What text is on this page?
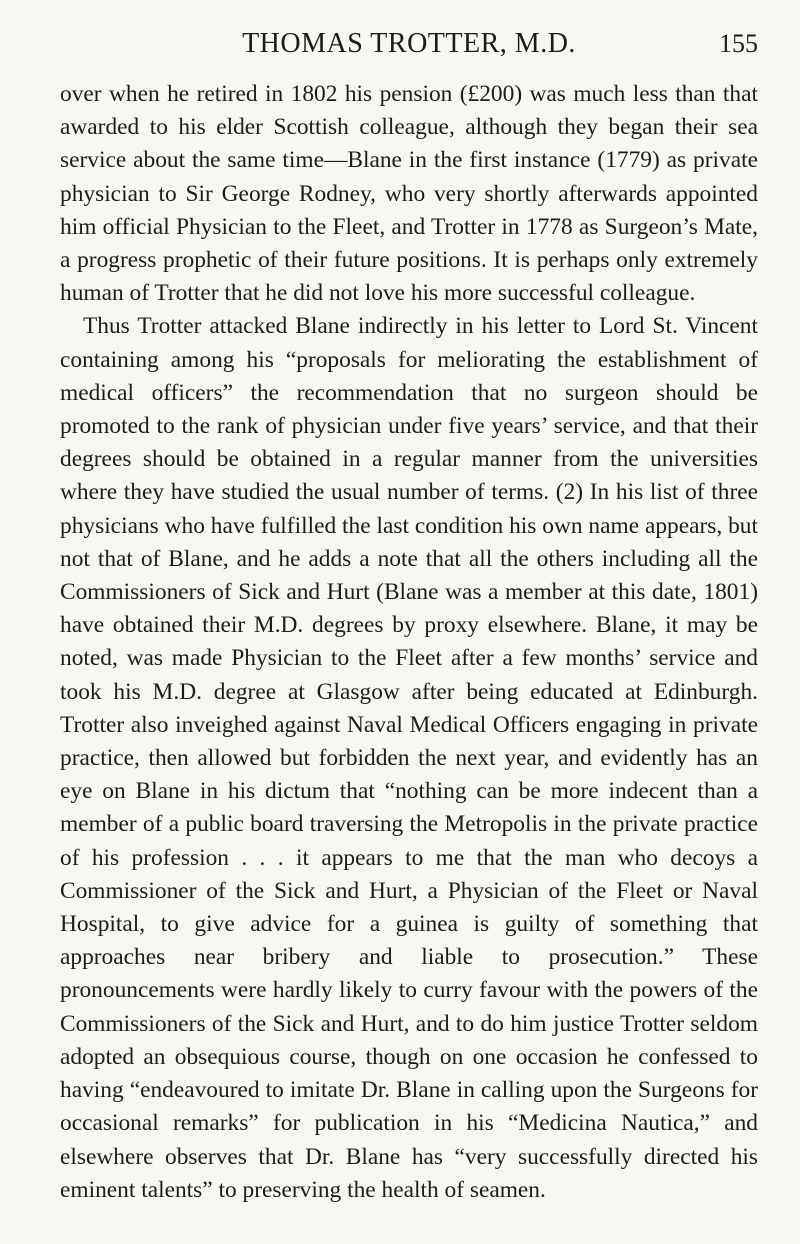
THOMAS TROTTER, M.D.	155

over when he retired in 1802 his pension (£200) was much less than that awarded to his elder Scottish colleague, although they began their sea service about the same time—Blane in the first instance (1779) as private physician to Sir George Rodney, who very shortly afterwards appointed him official Physician to the Fleet, and Trotter in 1778 as Surgeon’s Mate, a progress prophetic of their future positions. It is perhaps only extremely human of Trotter that he did not love his more successful colleague.

Thus Trotter attacked Blane indirectly in his letter to Lord St. Vincent containing among his “proposals for meliorating the establishment of medical officers” the recommendation that no surgeon should be promoted to the rank of physician under five years’ service, and that their degrees should be obtained in a regular manner from the universities where they have studied the usual number of terms. (2) In his list of three physicians who have fulfilled the last condition his own name appears, but not that of Blane, and he adds a note that all the others including all the Commissioners of Sick and Hurt (Blane was a member at this date, 1801) have obtained their M.D. degrees by proxy elsewhere. Blane, it may be noted, was made Physician to the Fleet after a few months’ service and took his M.D. degree at Glasgow after being educated at Edinburgh. Trotter also inveighed against Naval Medical Officers engaging in private practice, then allowed but forbidden the next year, and evidently has an eye on Blane in his dictum that “nothing can be more indecent than a member of a public board traversing the Metropolis in the private practice of his profession . . . it appears to me that the man who decoys a Commissioner of the Sick and Hurt, a Physician of the Fleet or Naval Hospital, to give advice for a guinea is guilty of something that approaches near bribery and liable to prosecution.” These pronouncements were hardly likely to curry favour with the powers of the Commissioners of the Sick and Hurt, and to do him justice Trotter seldom adopted an obsequious course, though on one occasion he confessed to having “endeavoured to imitate Dr. Blane in calling upon the Surgeons for occasional remarks” for publication in his “Medicina Nautica,” and elsewhere observes that Dr. Blane has “very successfully directed his eminent talents” to preserving the health of seamen.
